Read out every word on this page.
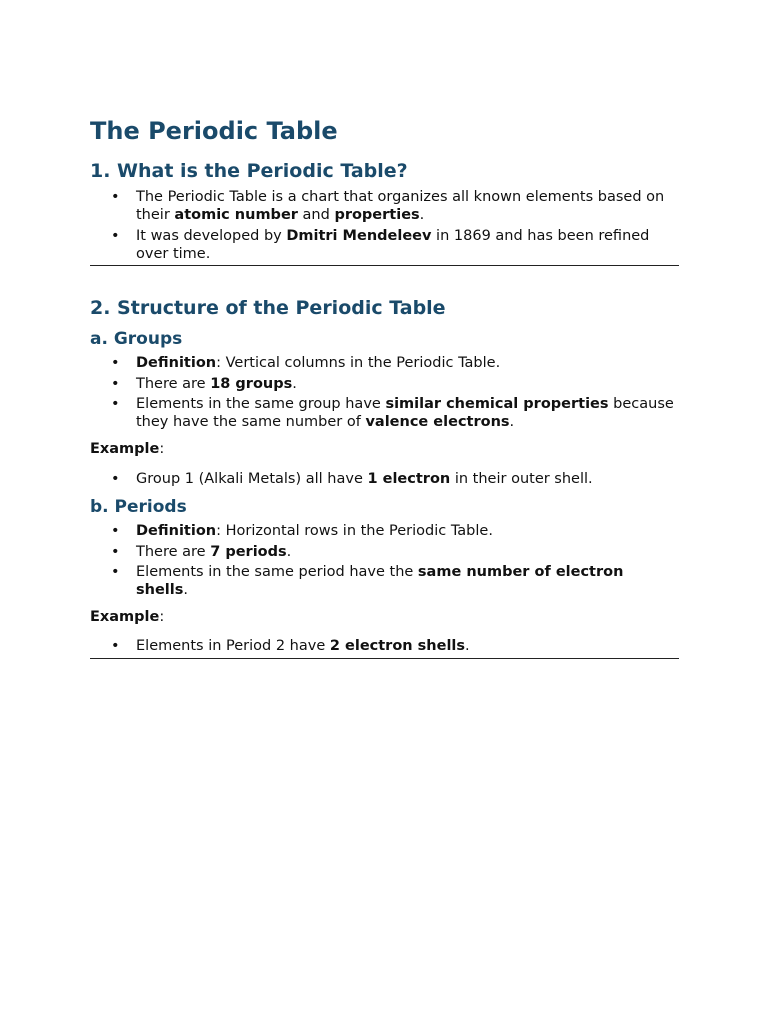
The Periodic Table
1. What is the Periodic Table?
• The Periodic Table is a chart that organizes all known elements based on their atomic number and properties.
• It was developed by Dmitri Mendeleev in 1869 and has been refined over time.
2. Structure of the Periodic Table
a. Groups
• Definition: Vertical columns in the Periodic Table.
• There are 18 groups.
• Elements in the same group have similar chemical properties because they have the same number of valence electrons.

Example:

• Group 1 (Alkali Metals) all have 1 electron in their outer shell.
b. Periods
• Definition: Horizontal rows in the Periodic Table.
• There are 7 periods.
• Elements in the same period have the same number of electron shells.

Example:

• Elements in Period 2 have 2 electron shells.
